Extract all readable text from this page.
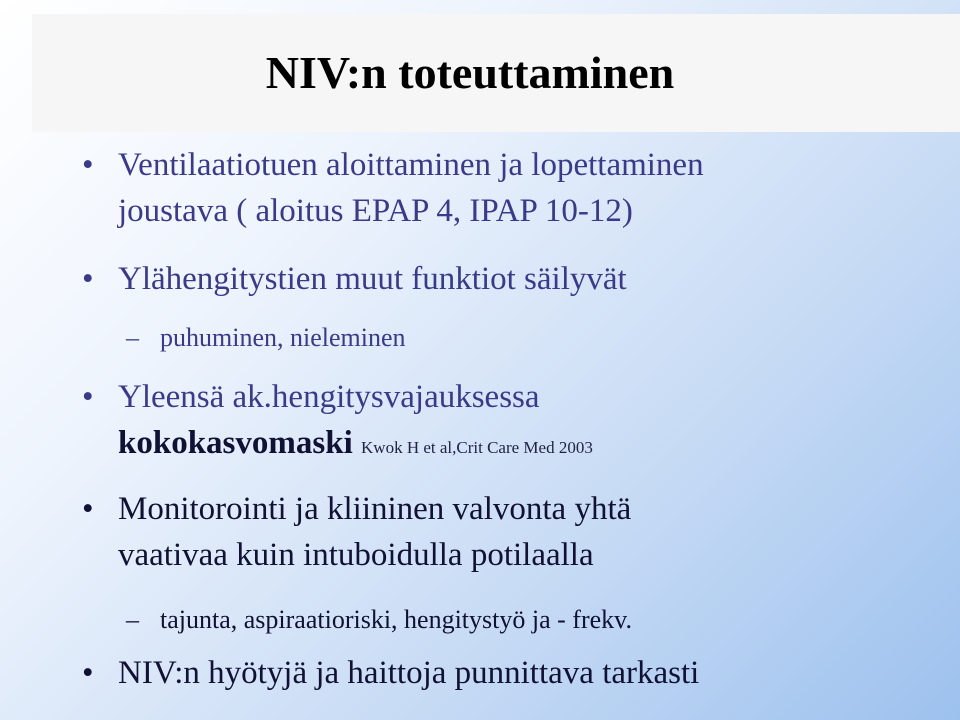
NIV:n toteuttaminen
• Ventilaatiotuen aloittaminen ja lopettaminen
joustava ( aloitus EPAP 4, IPAP 10-12)
• Ylähengitystien muut funktiot säilyvät
– puhuminen, nieleminen
• Yleensä ak.hengitysvajauksessa
kokokasvomaski Kwok H et al,Crit Care Med 2003
• Monitorointi ja kliininen valvonta yhtä
vaativaa kuin intuboidulla potilaalla
– tajunta, aspiraatioriski, hengitystyö ja - frekv.
• NIV:n hyötyjä ja haittoja punnittava tarkasti
